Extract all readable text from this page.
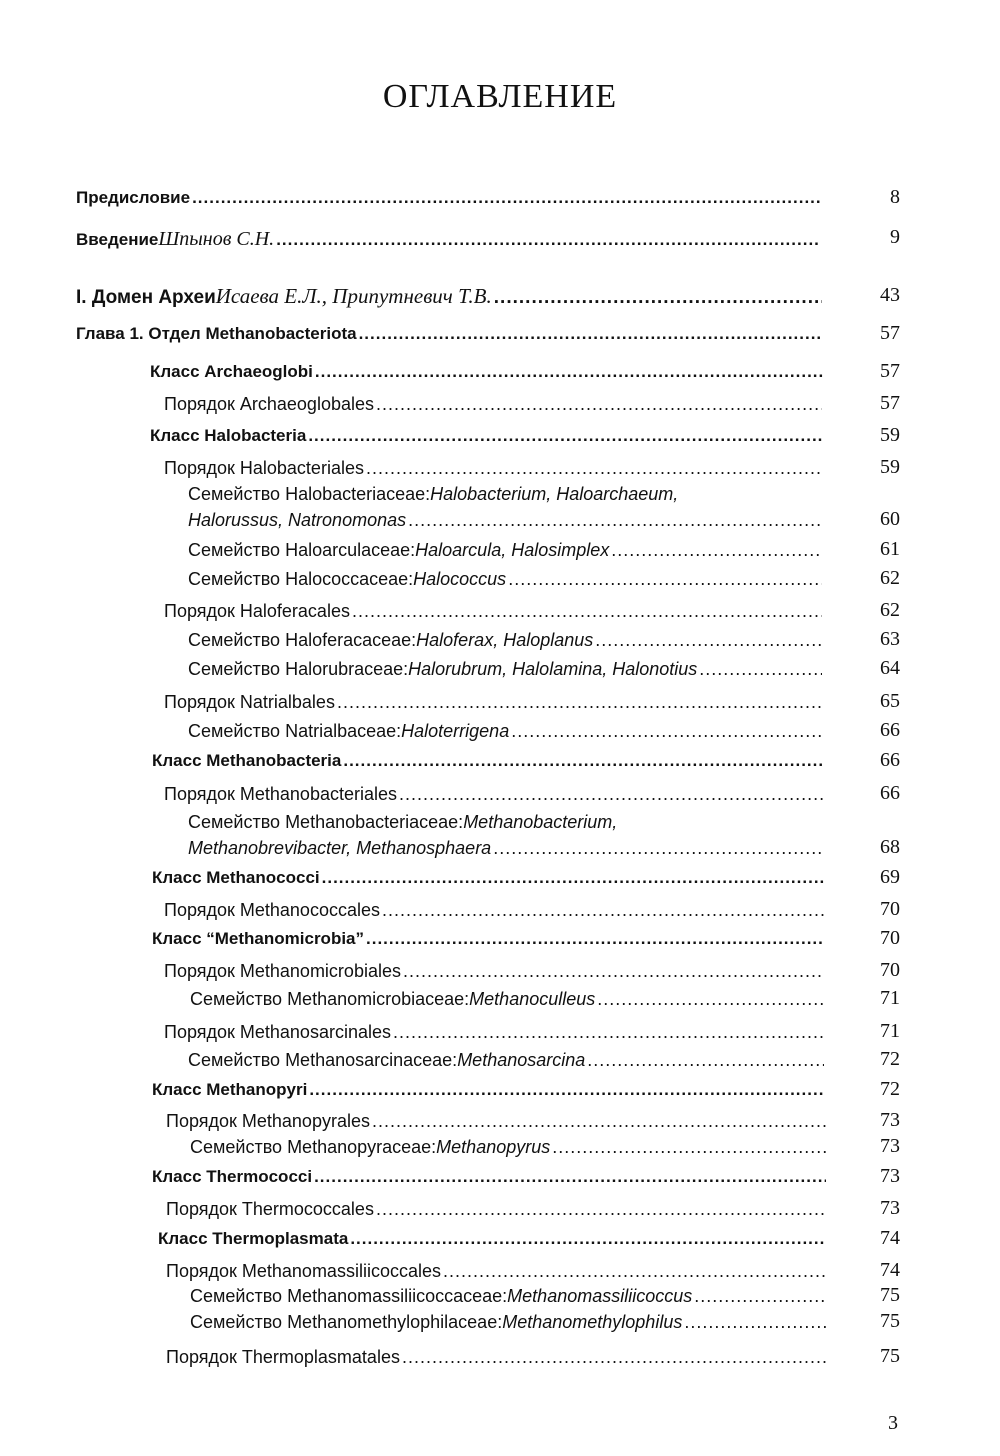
ОГЛАВЛЕНИЕ
Предисловие .....	8
Введение Шпынов С.Н. .....	9
I. Домен Археи Исаева Е.Л., Припутневич Т.В. .....	43
Глава 1. Отдел Methanobacteriota .....	57
Класс Archaeoglobi .....	57
Порядок Archaeoglobales .....	57
Класс Halobacteria .....	59
Порядок Halobacteriales .....	59
Семейство Halobacteriaceae: Halobacterium, Haloarchaeum,
Halorussus, Natronomonas .....	60
Семейство Haloarculaceae: Haloarcula, Halosimplex .....	61
Семейство Halococcaceae: Halococcus .....	62
Порядок Haloferacales .....	62
Семейство Haloferacaceae: Haloferax, Haloplanus .....	63
Семейство Halorubraceae: Halorubrum, Halolamina, Halonotius .....	64
Порядок Natrialbales .....	65
Семейство Natrialbaceae: Haloterrigena .....	66
Класс Methanobacteria .....	66
Порядок Methanobacteriales .....	66
Семейство Methanobacteriaceae: Methanobacterium,
Methanobrevibacter, Methanosphaera .....	68
Класс Methanococci .....	69
Порядок Methanococcales .....	70
Класс “Methanomicrobia” .....	70
Порядок Methanomicrobiales .....	70
Семейство Methanomicrobiaceae: Methanoculleus .....	71
Порядок Methanosarcinales .....	71
Семейство Methanosarcinaceae: Methanosarcina .....	72
Класс Methanopyri .....	72
Порядок Methanopyrales .....	73
Семейство Methanopyraceae: Methanopyrus .....	73
Класс Thermococci .....	73
Порядок Thermococcales .....	73
Класс Thermoplasmata .....	74
Порядок Methanomassiliicoccales .....	74
Семейство Methanomassiliicoccaceae: Methanomassiliicoccus .....	75
Семейство Methanomethylophilaceae: Methanomethylophilus .....	75
Порядок Thermoplasmatales .....	75
3
